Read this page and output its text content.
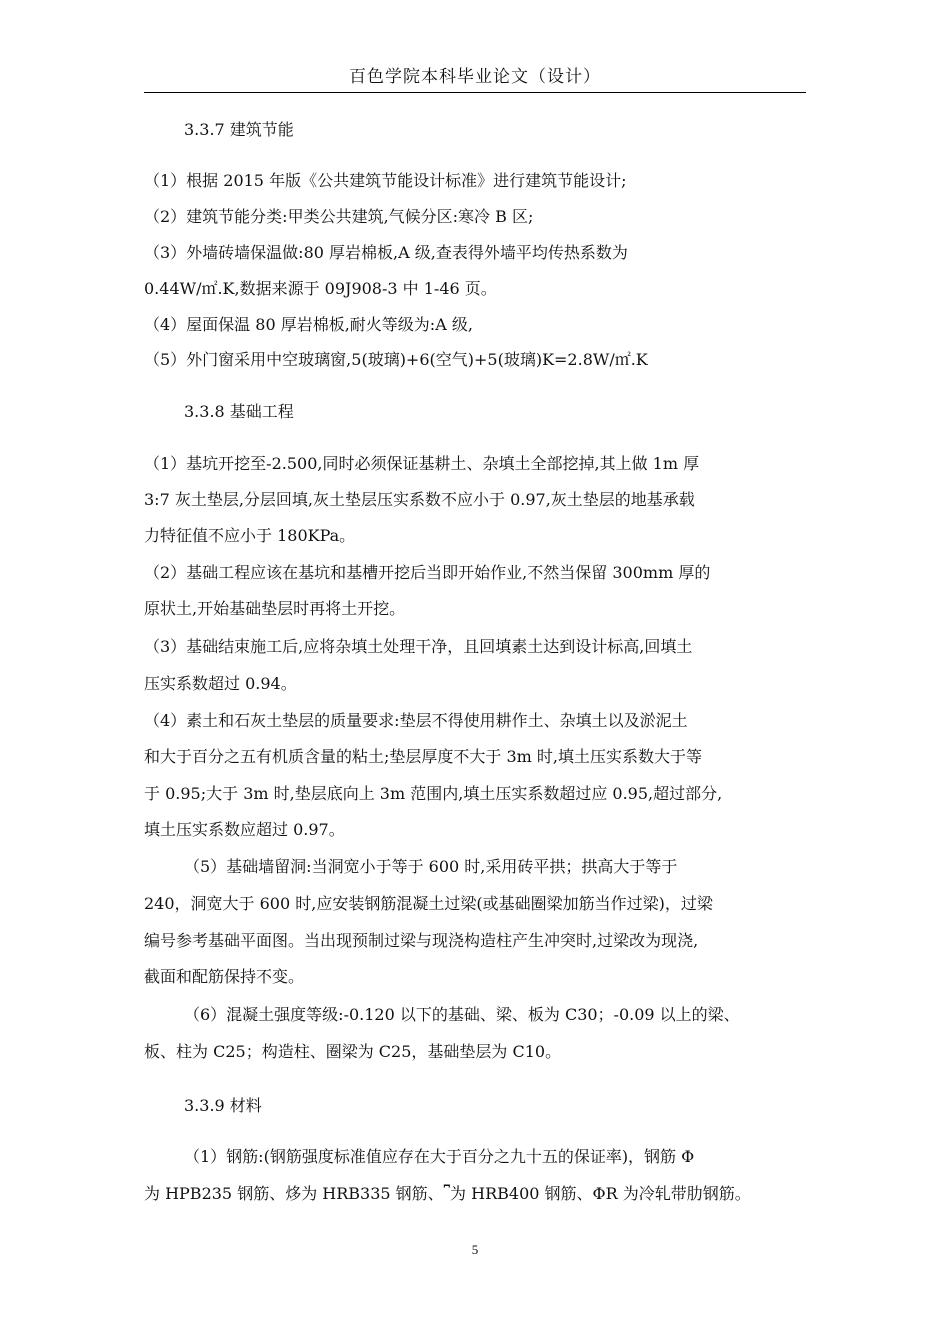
百色学院本科毕业论文（设计）
3.3.7 建筑节能
（1）根据 2015 年版《公共建筑节能设计标准》进行建筑节能设计;
（2）建筑节能分类:甲类公共建筑,气候分区:寒冷 B 区;
（3）外墙砖墙保温做:80 厚岩棉板,A 级,查表得外墙平均传热系数为
0.44W/㎡.K,数据来源于 09J908-3 中 1-46 页。
（4）屋面保温 80 厚岩棉板,耐火等级为:A 级,
（5）外门窗采用中空玻璃窗,5(玻璃)+6(空气)+5(玻璃)K=2.8W/㎡.K
3.3.8 基础工程
（1）基坑开挖至-2.500,同时必须保证基耕土、杂填土全部挖掉,其上做 1m 厚
3:7 灰土垫层,分层回填,灰土垫层压实系数不应小于 0.97,灰土垫层的地基承载
力特征值不应小于 180KPa。
（2）基础工程应该在基坑和基槽开挖后当即开始作业,不然当保留 300mm 厚的
原状土,开始基础垫层时再将土开挖。
（3）基础结束施工后,应将杂填土处理干净，且回填素土达到设计标高,回填土
压实系数超过 0.94。
（4）素土和石灰土垫层的质量要求:垫层不得使用耕作土、杂填土以及淤泥土
和大于百分之五有机质含量的粘土;垫层厚度不大于 3m 时,填土压实系数大于等
于 0.95;大于 3m 时,垫层底向上 3m 范围内,填土压实系数超过应 0.95,超过部分,
填土压实系数应超过 0.97。
（5）基础墙留洞:当洞宽小于等于 600 时,采用砖平拱；拱高大于等于
240，洞宽大于 600 时,应安装钢筋混凝土过梁(或基础圈梁加筋当作过梁)，过梁
编号参考基础平面图。当出现预制过梁与现浇构造柱产生冲突时,过梁改为现浇,
截面和配筋保持不变。
（6）混凝土强度等级:-0.120 以下的基础、梁、板为 C30；-0.09 以上的梁、
板、柱为 C25；构造柱、圈梁为 C25，基础垫层为 C10。
3.3.9 材料
（1）钢筋:(钢筋强度标准值应存在大于百分之九十五的保证率)，钢筋 Φ
为 HPB235 钢筋、㶴为 HRB335 钢筋、⎴为 HRB400 钢筋、ΦR 为冷轧带肋钢筋。
5
